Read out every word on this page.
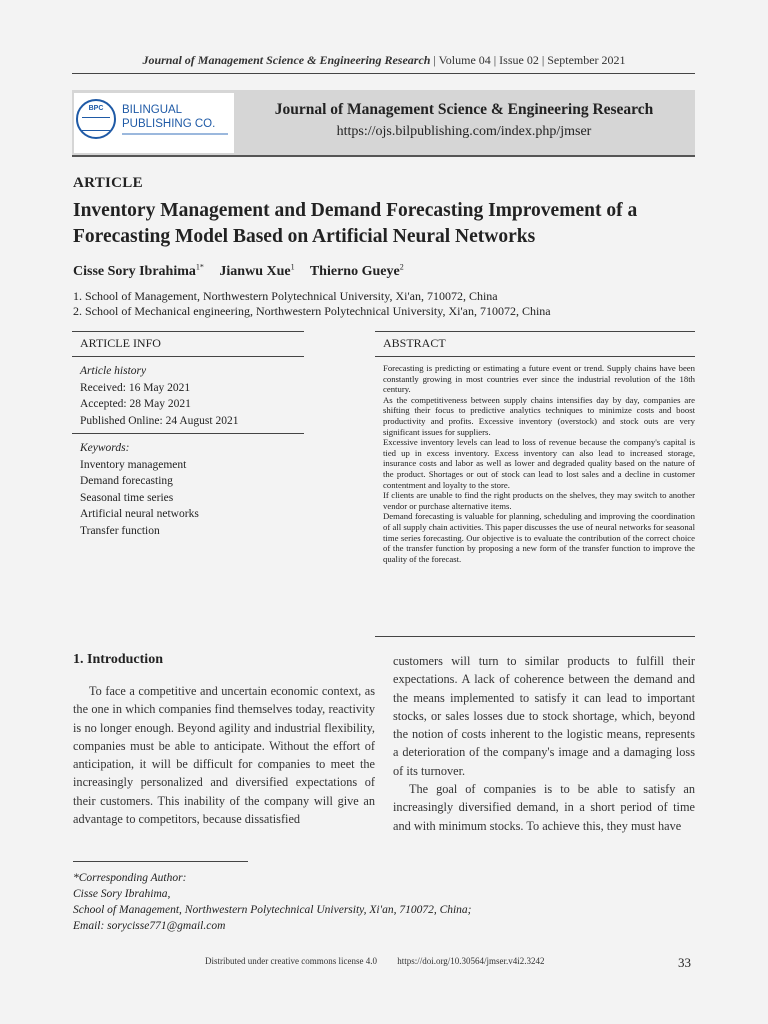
Journal of Management Science & Engineering Research | Volume 04 | Issue 02 | September 2021
BPC	BILINGUAL
PUBLISHING CO.
Journal of Management Science & Engineering Research
https://ojs.bilpublishing.com/index.php/jmser
ARTICLE
Inventory Management and Demand Forecasting Improvement of a
Forecasting Model Based on Artificial Neural Networks
Cisse Sory Ibrahima$^{1*}$ Jianwu Xue$^1$ Thierno Gueye$^2$
1. School of Management, Northwestern Polytechnical University, Xi'an, 710072, China
2. School of Mechanical engineering, Northwestern Polytechnical University, Xi'an, 710072, China
ARTICLE INFO
Article history
Received: 16 May 2021
Accepted: 28 May 2021
Published Online: 24 August 2021
Keywords:
Inventory management
Demand forecasting
Seasonal time series
Artificial neural networks
Transfer function
ABSTRACT
Forecasting is predicting or estimating a future event or trend. Supply chains have been constantly growing in most countries ever since the industrial revolution of the 18th century.
As the competitiveness between supply chains intensifies day by day, companies are shifting their focus to predictive analytics techniques to minimize costs and boost productivity and profits. Excessive inventory (overstock) and stock outs are very significant issues for suppliers.
Excessive inventory levels can lead to loss of revenue because the company's capital is tied up in excess inventory. Excess inventory can also lead to increased storage, insurance costs and labor as well as lower and degraded quality based on the nature of the product. Shortages or out of stock can lead to lost sales and a decline in customer contentment and loyalty to the store.
If clients are unable to find the right products on the shelves, they may switch to another vendor or purchase alternative items.
Demand forecasting is valuable for planning, scheduling and improving the coordination of all supply chain activities. This paper discusses the use of neural networks for seasonal time series forecasting. Our objective is to evaluate the contribution of the correct choice of the transfer function by proposing a new form of the transfer function to improve the quality of the forecast.
1. Introduction

To face a competitive and uncertain economic context, as the one in which companies find themselves today, reactivity is no longer enough. Beyond agility and industrial flexibility, companies must be able to anticipate. Without the effort of anticipation, it will be difficult for companies to meet the increasingly personalized and diversified expectations of their customers. This inability of the company will give an advantage to competitors, because dissatisfied

customers will turn to similar products to fulfill their expectations. A lack of coherence between the demand and the means implemented to satisfy it can lead to important stocks, or sales losses due to stock shortage, which, beyond the notion of costs inherent to the logistic means, represents a deterioration of the company's image and a damaging loss of its turnover.

The goal of companies is to be able to satisfy an increasingly diversified demand, in a short period of time and with minimum stocks. To achieve this, they must have

*Corresponding Author:
Cisse Sory Ibrahima,
School of Management, Northwestern Polytechnical University, Xi'an, 710072, China;
Email: sorycisse771@gmail.com
Distributed under creative commons license 4.0 https://doi.org/10.30564/jmser.v4i2.3242	33
